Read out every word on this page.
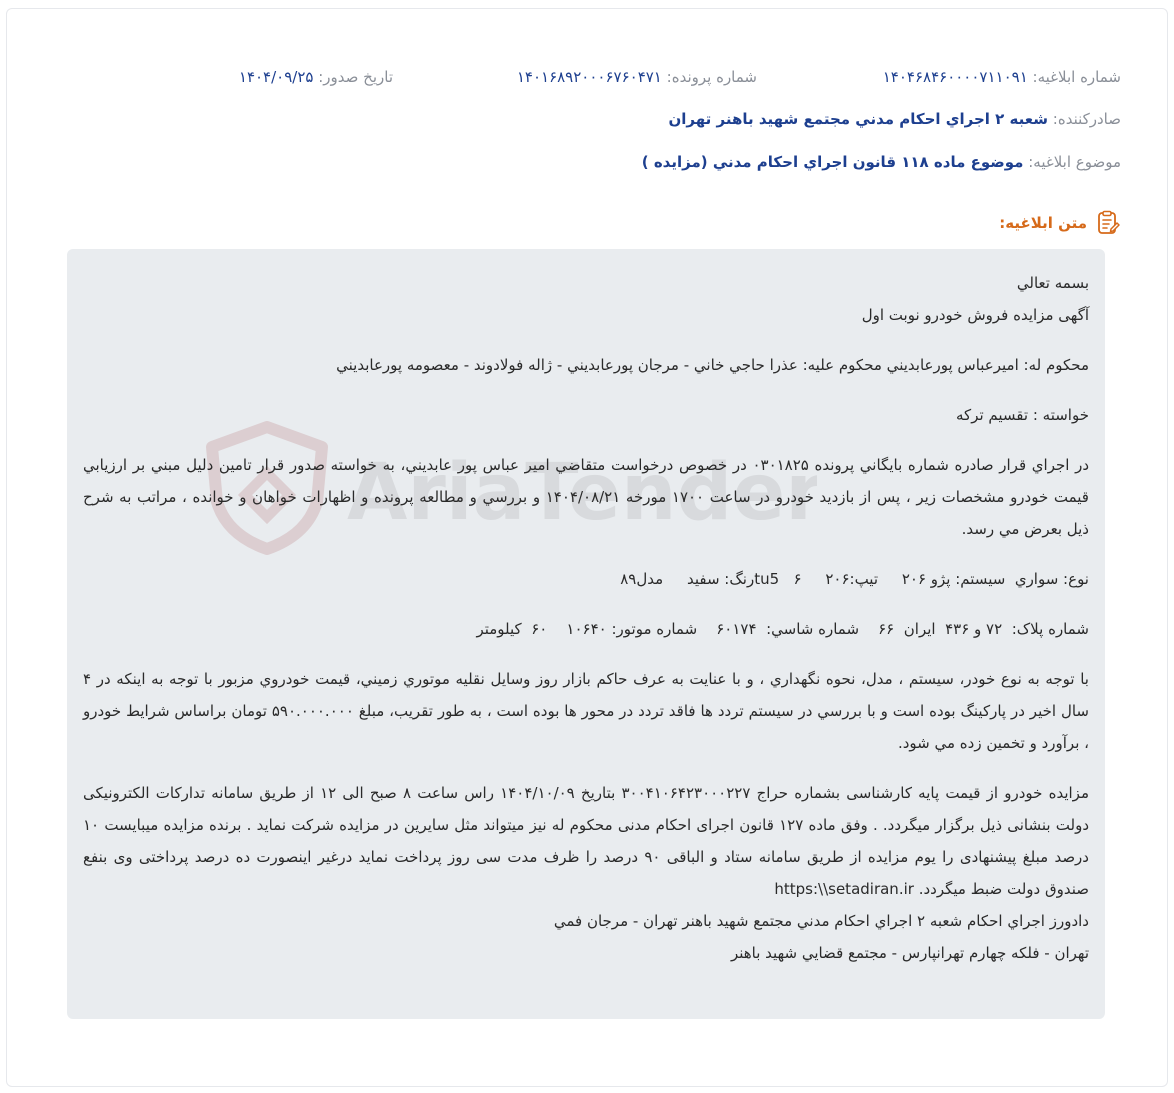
شماره ابلاغیه: ۱۴۰۴۶۸۴۶۰۰۰۰۷۱۱۰۹۱
شماره پرونده: ۱۴۰۱۶۸۹۲۰۰۰۶۷۶۰۴۷۱
تاریخ صدور: ۱۴۰۴/۰۹/۲۵
صادرکننده: شعبه ۲ اجراي احکام مدني مجتمع شهيد باهنر تهران
موضوع ابلاغیه: موضوع ماده ۱۱۸ قانون اجراي احکام مدني (مزايده )
متن ابلاغیه:
AriaTender

بسمه تعالي

آگهی مزایده فروش خودرو نوبت اول

محکوم له: اميرعباس پورعابديني محکوم عليه: عذرا حاجي خاني - مرجان پورعابديني - ژاله فولادوند - معصومه پورعابديني

خواسته : تقسیم ترکه

در اجراي قرار صادره شماره بايگاني پرونده ۰۳۰۱۸۲۵ در خصوص درخواست متقاضي امير عباس پور عابديني، به خواسته صدور قرار تامين دليل مبني بر ارزيابي قيمت خودرو مشخصات زير ، پس از بازديد خودرو در ساعت ۱۷۰۰ مورخه ۱۴۰۴/۰۸/۲۱ و بررسي و مطالعه پرونده و اظهارات خواهان و خوانده ، مراتب به شرح ذيل بعرض مي رسد.

نوع: سواري  سيستم: پژو ۲۰۶     تيپ:۲۰۶     ۶   tu5رنگ: سفيد     مدل۸۹

شماره پلاک:  ۷۲ و ۴۳۶  ايران  ۶۶    شماره شاسي:  ۶۰۱۷۴    شماره موتور: ۱۰۶۴۰    ۶۰  کيلومتر

با توجه به نوع خودر، سيستم ، مدل، نحوه نگهداري ، و با عنايت به عرف حاکم بازار روز وسايل نقليه موتوري زميني، قيمت خودروي مزبور با توجه به اينکه در ۴ سال اخير در پارکينگ بوده است و با بررسي در سيستم تردد ها فاقد تردد در محور ها بوده است ، به طور تقريب، مبلغ ۵۹۰.۰۰۰.۰۰۰ تومان براساس شرايط خودرو ، برآورد و تخمين زده مي شود.

مزایده خودرو از قیمت پایه کارشناسی بشماره حراج ۳۰۰۴۱۰۶۴۲۳۰۰۰۲۲۷ بتاریخ ۱۴۰۴/۱۰/۰۹ راس ساعت ۸ صبح الی ۱۲ از طریق سامانه تدارکات الکترونیکی دولت بنشانی ذیل برگزار میگردد. . وفق ماده ۱۲۷ قانون اجرای احکام مدنی محکوم له نیز میتواند مثل سایرین در مزایده شرکت نماید . برنده مزایده میبایست ۱۰ درصد مبلغ پیشنهادی را یوم مزایده از طریق سامانه ستاد و الباقی ۹۰ درصد را ظرف مدت سی روز پرداخت نماید درغیر اینصورت ده درصد پرداختی وی بنفع صندوق دولت ضبط میگردد. https:\\setadiran.ir

دادورز اجراي احکام شعبه ۲ اجراي احکام مدني مجتمع شهيد باهنر تهران - مرجان فمي

تهران - فلکه چهارم تهرانپارس - مجتمع قضايي شهيد باهنر
